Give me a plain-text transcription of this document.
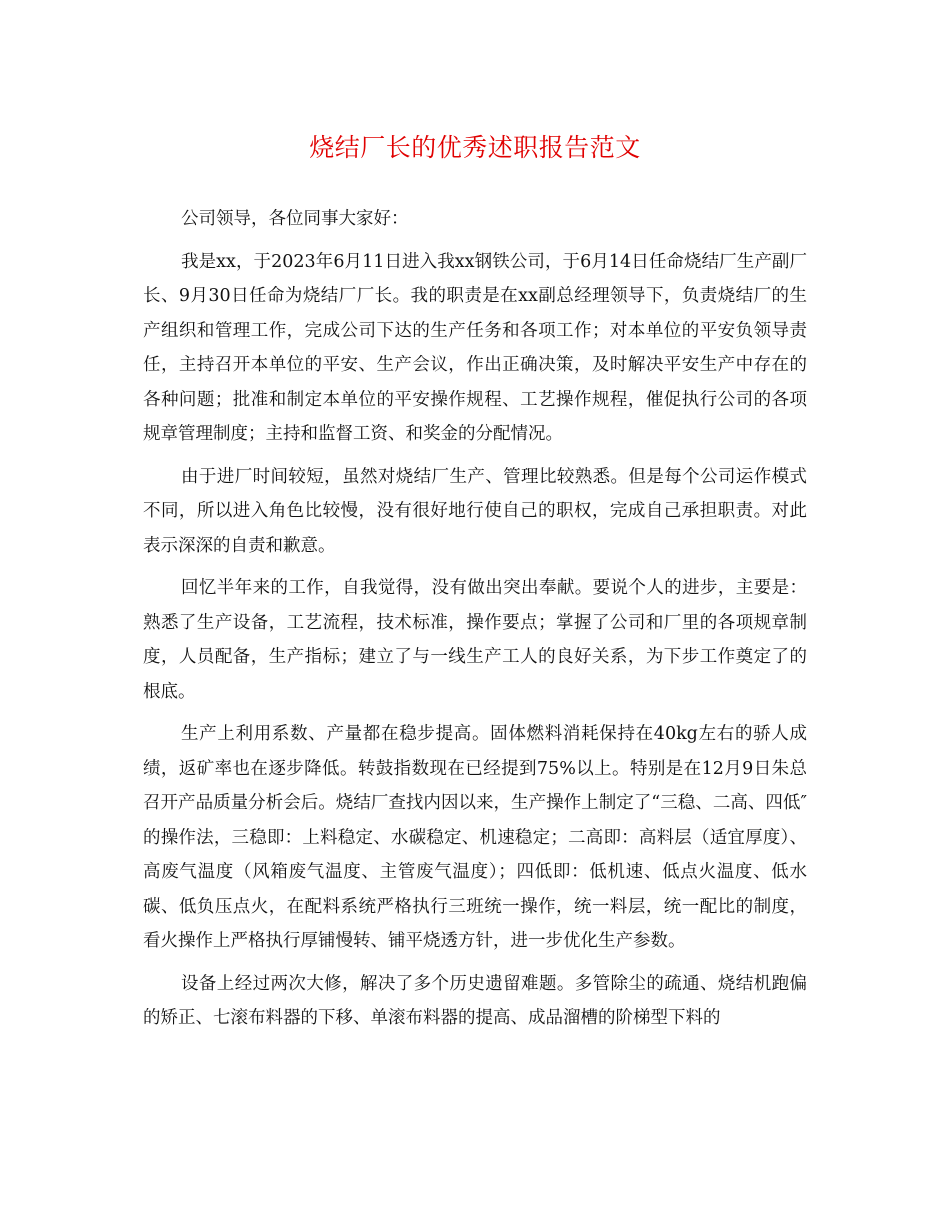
烧结厂长的优秀述职报告范文

公司领导，各位同事大家好：

我是xx，于2023年6月11日进入我xx钢铁公司，于6月14日任命烧结厂生产副厂长、9月30日任命为烧结厂厂长。我的职责是在xx副总经理领导下，负责烧结厂的生产组织和管理工作，完成公司下达的生产任务和各项工作；对本单位的平安负领导责任，主持召开本单位的平安、生产会议，作出正确决策，及时解决平安生产中存在的各种问题；批准和制定本单位的平安操作规程、工艺操作规程，催促执行公司的各项规章管理制度；主持和监督工资、和奖金的分配情况。

由于进厂时间较短，虽然对烧结厂生产、管理比较熟悉。但是每个公司运作模式不同，所以进入角色比较慢，没有很好地行使自己的职权，完成自己承担职责。对此表示深深的自责和歉意。

回忆半年来的工作，自我觉得，没有做出突出奉献。要说个人的进步，主要是：熟悉了生产设备，工艺流程，技术标准，操作要点；掌握了公司和厂里的各项规章制度，人员配备，生产指标；建立了与一线生产工人的良好关系，为下步工作奠定了的根底。

生产上利用系数、产量都在稳步提高。固体燃料消耗保持在40kg左右的骄人成绩，返矿率也在逐步降低。转鼓指数现在已经提到75%以上。特别是在12月9日朱总召开产品质量分析会后。烧结厂查找内因以来，生产操作上制定了“三稳、二高、四低″的操作法，三稳即：上料稳定、水碳稳定、机速稳定；二高即：高料层（适宜厚度）、高废气温度（风箱废气温度、主管废气温度）；四低即：低机速、低点火温度、低水碳、低负压点火，在配料系统严格执行三班统一操作，统一料层，统一配比的制度，看火操作上严格执行厚铺慢转、铺平烧透方针，进一步优化生产参数。

设备上经过两次大修，解决了多个历史遗留难题。多管除尘的疏通、烧结机跑偏的矫正、七滚布料器的下移、单滚布料器的提高、成品溜槽的阶梯型下料的
